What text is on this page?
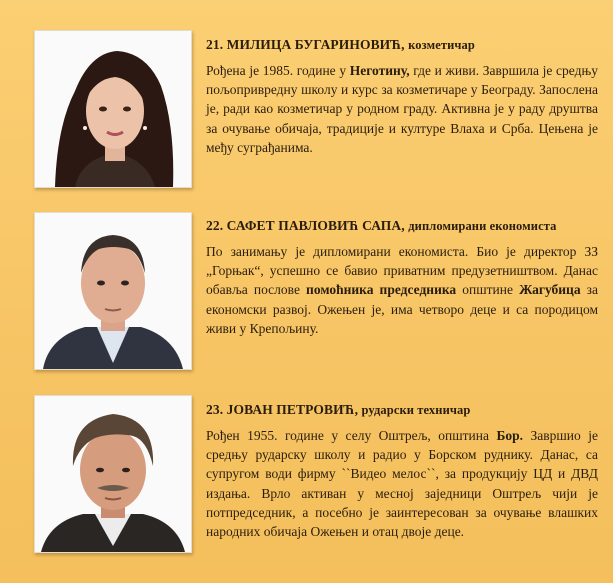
21. МИЛИЦА БУГАРИНОВИЋ, козметичар

Рођена је 1985. године у Неготину, где и живи. Завршила је средњу пољопривредну школу и курс за козметичаре у Београду. Запослена је, ради као козметичар у родном граду. Активна је у раду друштва за очување обичаја, традиције и културе Влаха и Срба. Цењена је међу суграђанима.

22. САФЕТ ПАВЛОВИЋ САПА, дипломирани економиста

По занимању је дипломирани економиста. Био је директор ЗЗ „Горњак“, успешно се бавио приватним предузетништвом. Данас обавља послове помоћника председника општине Жагубица за економски развој. Ожењен је, има четворо деце и са породицом живи у Крепољину.

23. ЈОВАН ПЕТРОВИЋ, рударски техничар

Рођен 1955. године у селу Оштрељ, општина Бор. Завршио је средњу рударску школу и радио у Борском руднику. Данас, са супругом води фирму ``Видео мелос``, за продукцију ЦД и ДВД издања. Врло активан у месној заједници Оштрељ чији је потпредседник, а посебно је заинтересован за очување влашких народних обичаја Ожењен и отац двоје деце.
